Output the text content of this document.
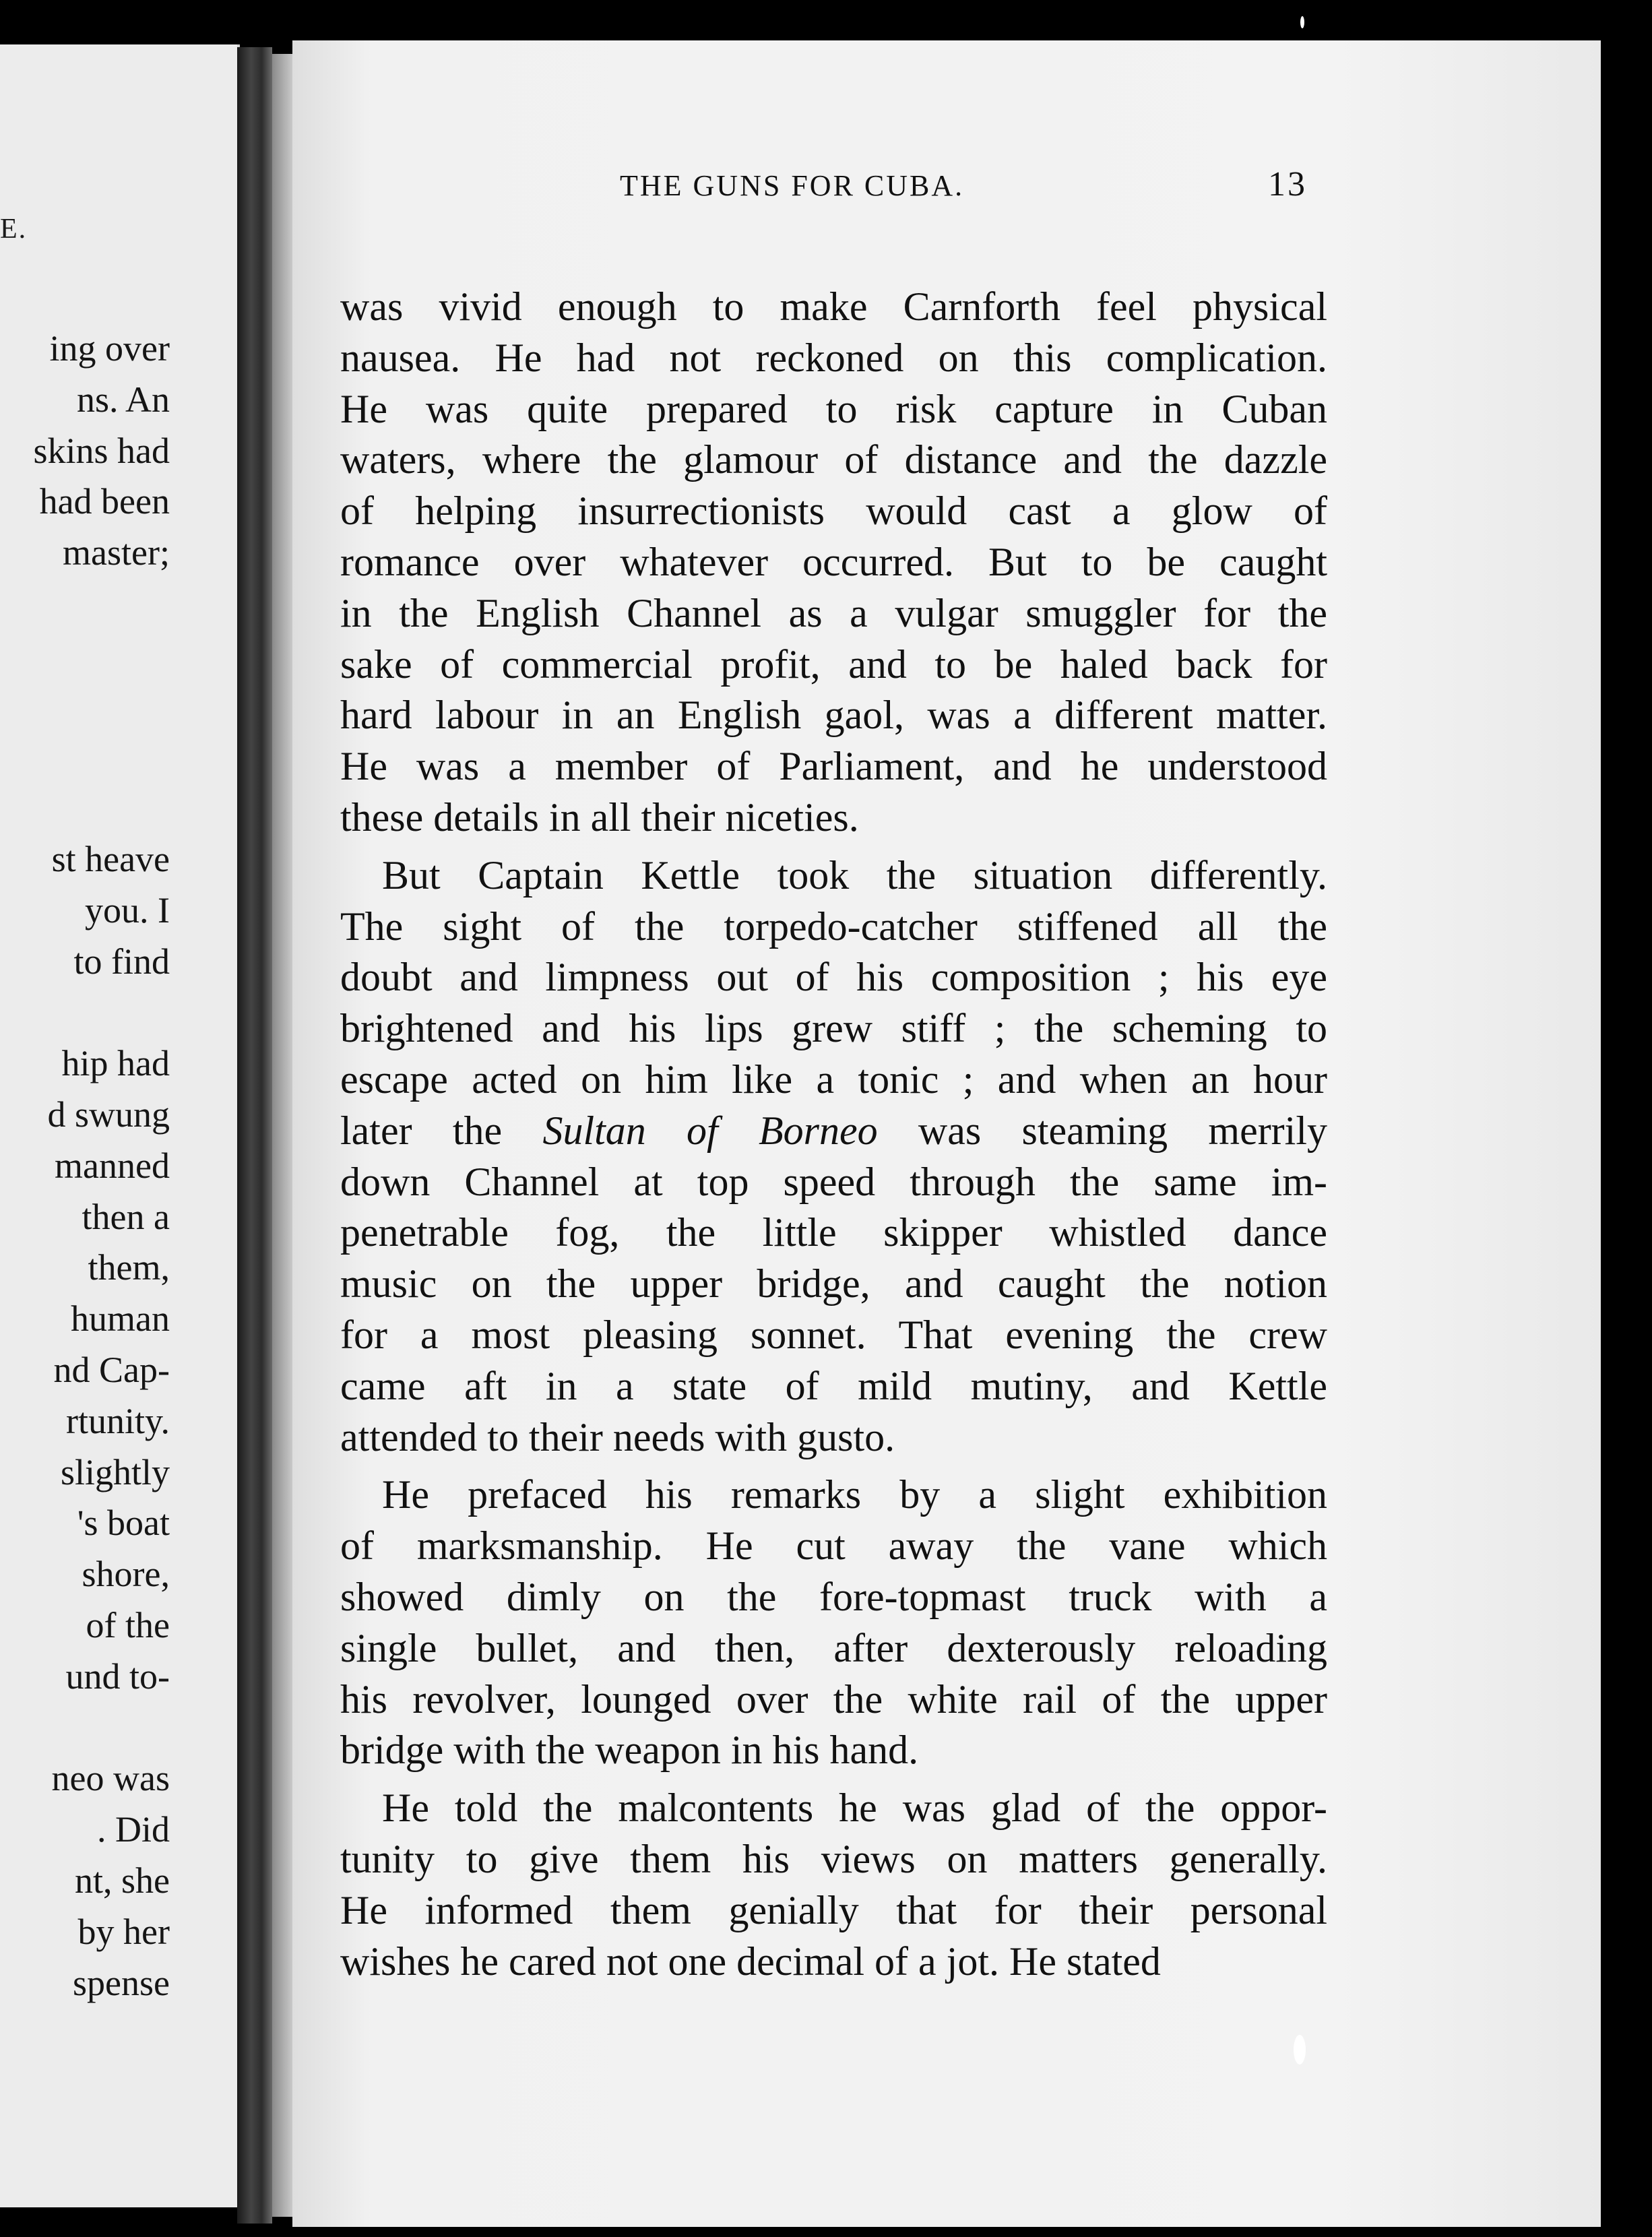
E.
ing over
ns. An
skins had
had been
master;
st heave
you. I
to find
hip had
d swung
manned
then a
them,
human
nd Cap-
rtunity.
slightly
's boat
shore,
of the
und to-
neo was
. Did
nt, she
by her
spense
THE GUNS FOR CUBA.	13
was vivid enough to make Carnforth feel physical
nausea. He had not reckoned on this complication.
He was quite prepared to risk capture in Cuban
waters, where the glamour of distance and the dazzle
of helping insurrectionists would cast a glow of
romance over whatever occurred. But to be caught
in the English Channel as a vulgar smuggler for the
sake of commercial profit, and to be haled back for
hard labour in an English gaol, was a different matter.
He was a member of Parliament, and he understood
these details in all their niceties.
But Captain Kettle took the situation differently.
The sight of the torpedo-catcher stiffened all the
doubt and limpness out of his composition ; his eye
brightened and his lips grew stiff ; the scheming to
escape acted on him like a tonic ; and when an hour
later the Sultan of Borneo was steaming merrily
down Channel at top speed through the same im-
penetrable fog, the little skipper whistled dance
music on the upper bridge, and caught the notion
for a most pleasing sonnet. That evening the crew
came aft in a state of mild mutiny, and Kettle
attended to their needs with gusto.
He prefaced his remarks by a slight exhibition
of marksmanship. He cut away the vane which
showed dimly on the fore-topmast truck with a
single bullet, and then, after dexterously reloading
his revolver, lounged over the white rail of the upper
bridge with the weapon in his hand.
He told the malcontents he was glad of the oppor-
tunity to give them his views on matters generally.
He informed them genially that for their personal
wishes he cared not one decimal of a jot. He stated
